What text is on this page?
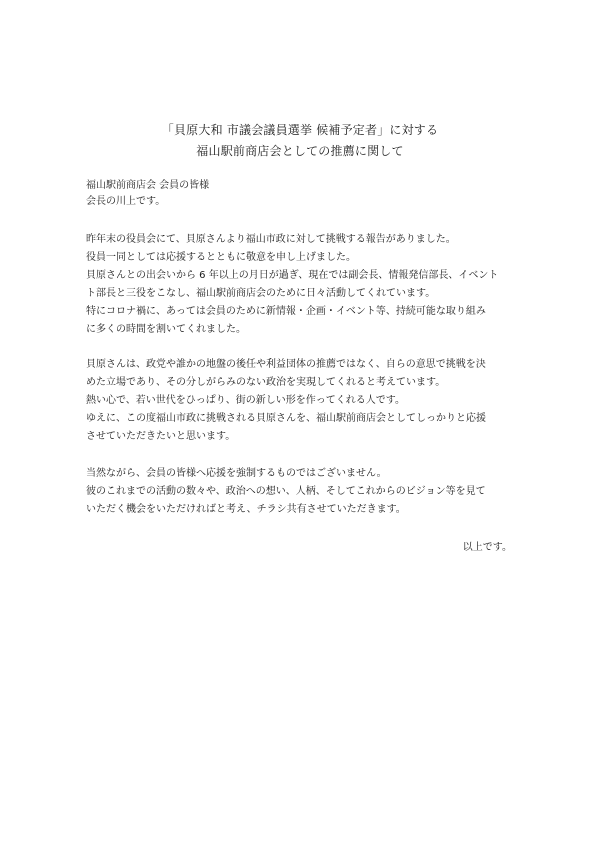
「貝原大和 市議会議員選挙 候補予定者」に対する
福山駅前商店会としての推薦に関して
福山駅前商店会 会員の皆様
会長の川上です。
昨年末の役員会にて、貝原さんより福山市政に対して挑戦する報告がありました。
役員一同としては応援するとともに敬意を申し上げました。
貝原さんとの出会いから 6 年以上の月日が過ぎ、現在では副会長、情報発信部長、イベント
ト部長と三役をこなし、福山駅前商店会のために日々活動してくれています。
特にコロナ禍に、あっては会員のために新情報・企画・イベント等、持続可能な取り組み
に多くの時間を割いてくれました。
貝原さんは、政党や誰かの地盤の後任や利益団体の推薦ではなく、自らの意思で挑戦を決
めた立場であり、その分しがらみのない政治を実現してくれると考えています。
熱い心で、若い世代をひっぱり、街の新しい形を作ってくれる人です。
ゆえに、この度福山市政に挑戦される貝原さんを、福山駅前商店会としてしっかりと応援
させていただきたいと思います。
当然ながら、会員の皆様へ応援を強制するものではございません。
彼のこれまでの活動の数々や、政治への想い、人柄、そしてこれからのビジョン等を見て
いただく機会をいただければと考え、チラシ共有させていただきます。
以上です。
